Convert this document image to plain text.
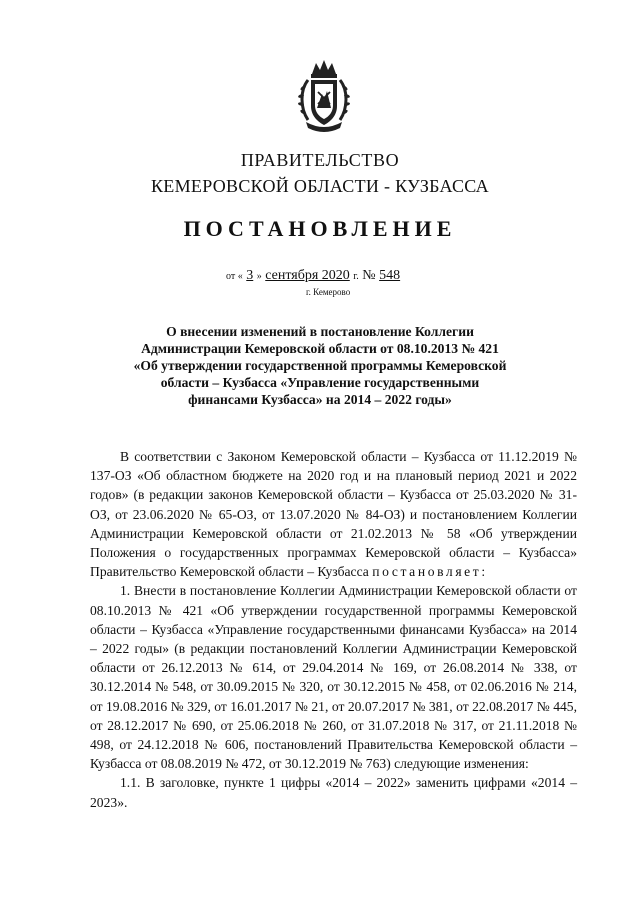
ПРАВИТЕЛЬСТВО
КЕМЕРОВСКОЙ ОБЛАСТИ - КУЗБАССА
ПОСТАНОВЛЕНИЕ
от « 3 » сентября 2020 г. № 548
г. Кемерово
О внесении изменений в постановление Коллегии Администрации Кемеровской области от 08.10.2013 № 421 «Об утверждении государственной программы Кемеровской области – Кузбасса «Управление государственными финансами Кузбасса» на 2014 – 2022 годы»

В соответствии с Законом Кемеровской области – Кузбасса от 11.12.2019 № 137-ОЗ «Об областном бюджете на 2020 год и на плановый период 2021 и 2022 годов» (в редакции законов Кемеровской области – Кузбасса от 25.03.2020 № 31-ОЗ, от 23.06.2020 № 65-ОЗ, от 13.07.2020 № 84-ОЗ) и постановлением Коллегии Администрации Кемеровской области от 21.02.2013 № 58 «Об утверждении Положения о государственных программах Кемеровской области – Кузбасса» Правительство Кемеровской области – Кузбасса постановляет:

1. Внести в постановление Коллегии Администрации Кемеровской области от 08.10.2013 № 421 «Об утверждении государственной программы Кемеровской области – Кузбасса «Управление государственными финансами Кузбасса» на 2014 – 2022 годы» (в редакции постановлений Коллегии Администрации Кемеровской области от 26.12.2013 № 614, от 29.04.2014 № 169, от 26.08.2014 № 338, от 30.12.2014 № 548, от 30.09.2015 № 320, от 30.12.2015 № 458, от 02.06.2016 № 214, от 19.08.2016 № 329, от 16.01.2017 № 21, от 20.07.2017 № 381, от 22.08.2017 № 445, от 28.12.2017 № 690, от 25.06.2018 № 260, от 31.07.2018 № 317, от 21.11.2018 № 498, от 24.12.2018 № 606, постановлений Правительства Кемеровской области – Кузбасса от 08.08.2019 № 472, от 30.12.2019 № 763) следующие изменения:

1.1. В заголовке, пункте 1 цифры «2014 – 2022» заменить цифрами «2014 – 2023».
